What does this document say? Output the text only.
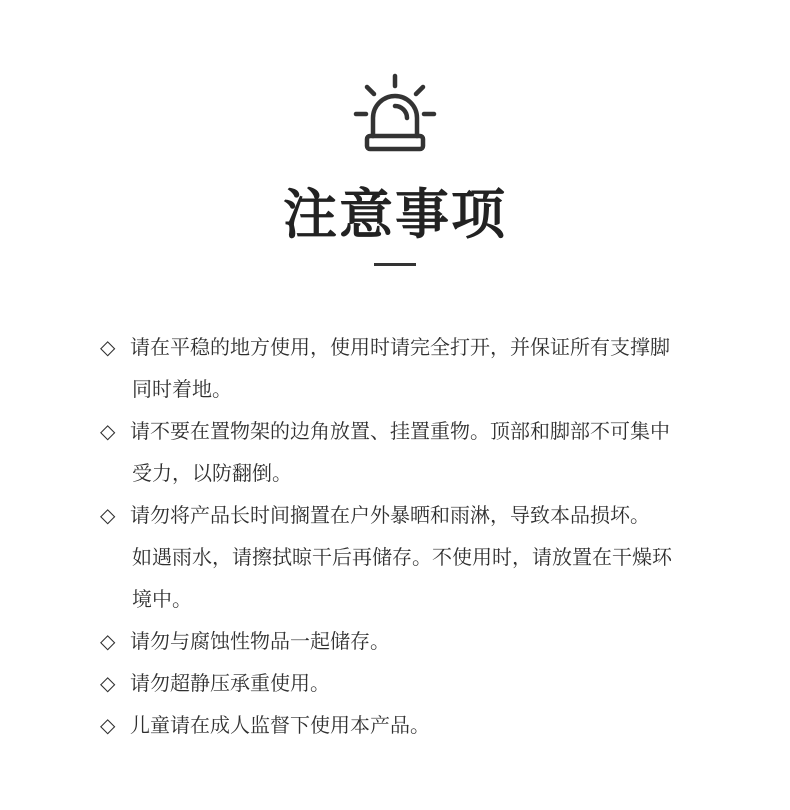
注意事项
◇ 请在平稳的地方使用，使用时请完全打开，并保证所有支撑脚
同时着地。
◇ 请不要在置物架的边角放置、挂置重物。顶部和脚部不可集中
受力，以防翻倒。
◇ 请勿将产品长时间搁置在户外暴晒和雨淋，导致本品损坏。
如遇雨水，请擦拭晾干后再储存。不使用时，请放置在干燥环
境中。
◇ 请勿与腐蚀性物品一起储存。
◇ 请勿超静压承重使用。
◇ 儿童请在成人监督下使用本产品。
